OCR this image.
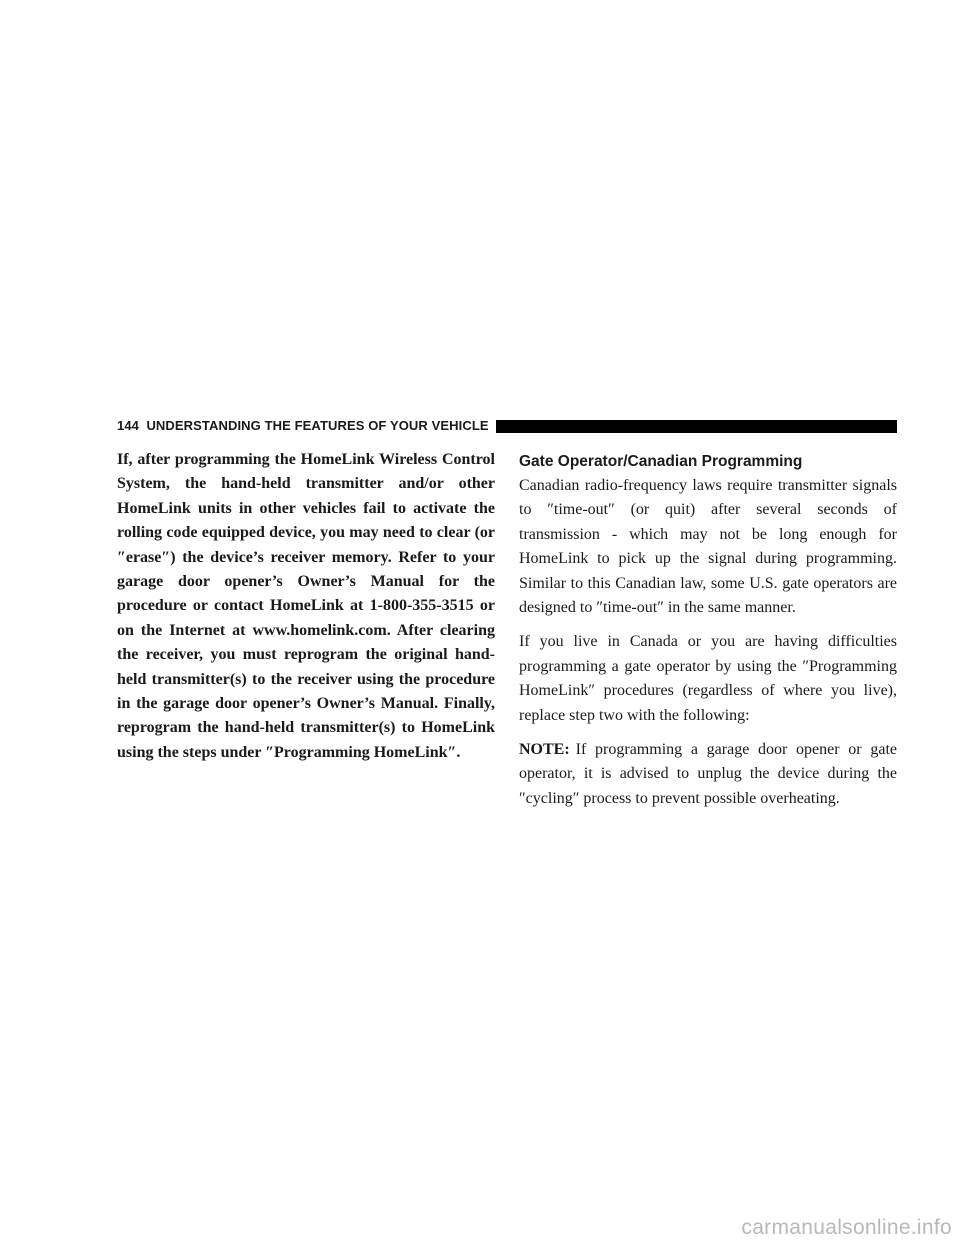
144 UNDERSTANDING THE FEATURES OF YOUR VEHICLE

If, after programming the HomeLink Wireless Control System, the hand-held transmitter and/or other HomeLink units in other vehicles fail to activate the rolling code equipped device, you may need to clear (or ″erase″) the device’s receiver memory. Refer to your garage door opener’s Owner’s Manual for the procedure or contact HomeLink at 1-800-355-3515 or on the Internet at www.homelink.com. After clearing the receiver, you must reprogram the original hand-held transmitter(s) to the receiver using the procedure in the garage door opener’s Owner’s Manual. Finally, reprogram the hand-held transmitter(s) to HomeLink using the steps under ″Programming HomeLink″.

Gate Operator/Canadian Programming

Canadian radio-frequency laws require transmitter signals to ″time-out″ (or quit) after several seconds of transmission - which may not be long enough for HomeLink to pick up the signal during programming. Similar to this Canadian law, some U.S. gate operators are designed to ″time-out″ in the same manner.

If you live in Canada or you are having difficulties programming a gate operator by using the ″Programming HomeLink″ procedures (regardless of where you live), replace step two with the following:

NOTE: If programming a garage door opener or gate operator, it is advised to unplug the device during the ″cycling″ process to prevent possible overheating.

carmanualsonline.info
